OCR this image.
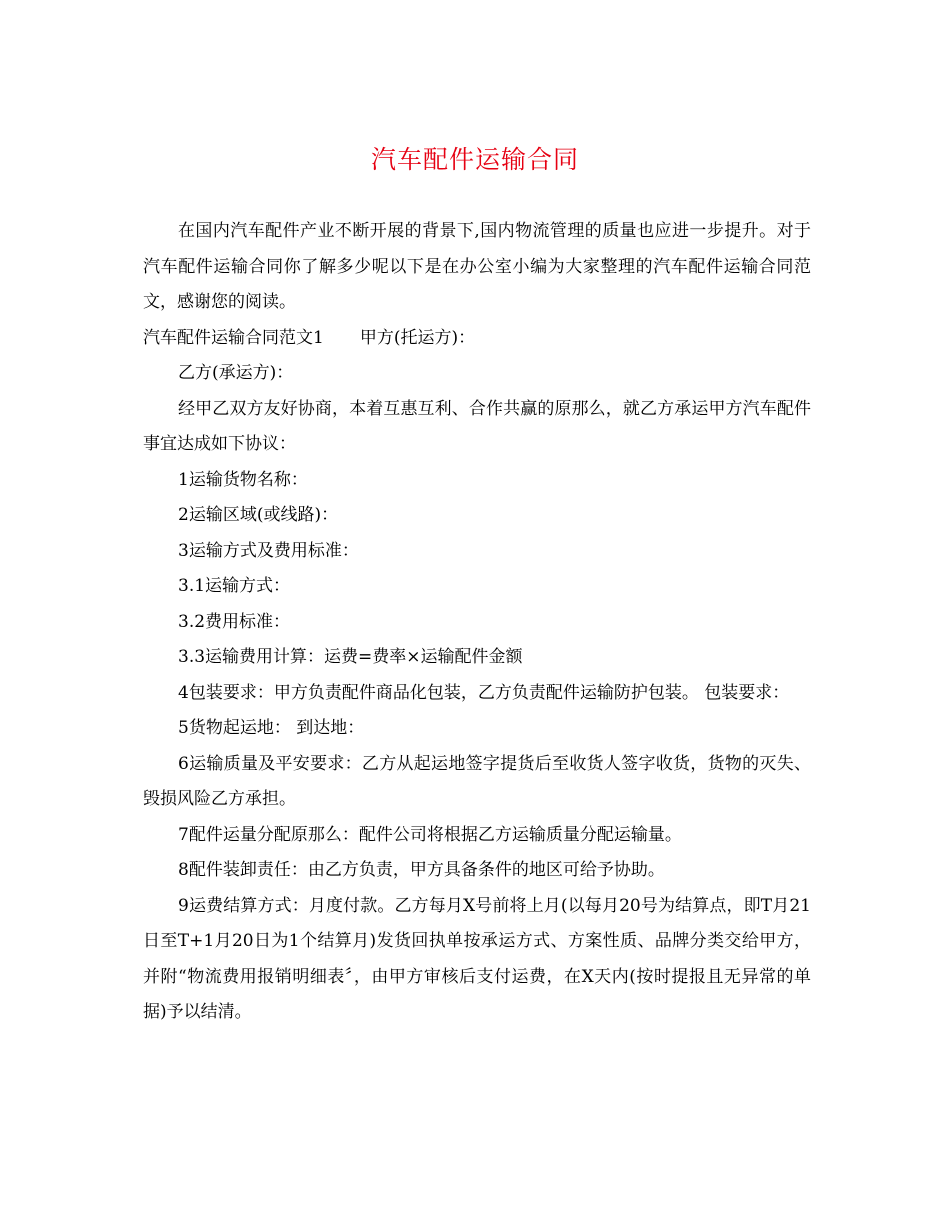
汽车配件运输合同

在国内汽车配件产业不断开展的背景下,国内物流管理的质量也应进一步提升。对于汽车配件运输合同你了解多少呢以下是在办公室小编为大家整理的汽车配件运输合同范文，感谢您的阅读。

汽车配件运输合同范文1 甲方(托运方)：

乙方(承运方)：

经甲乙双方友好协商，本着互惠互利、合作共赢的原那么，就乙方承运甲方汽车配件事宜达成如下协议：

1运输货物名称：

2运输区域(或线路)：

3运输方式及费用标准：

3.1运输方式：

3.2费用标准：

3.3运输费用计算：运费=费率×运输配件金额

4包装要求：甲方负责配件商品化包装，乙方负责配件运输防护包装。 包装要求：

5货物起运地： 到达地：

6运输质量及平安要求：乙方从起运地签字提货后至收货人签字收货，货物的灭失、毁损风险乙方承担。

7配件运量分配原那么：配件公司将根据乙方运输质量分配运输量。

8配件装卸责任：由乙方负责，甲方具备条件的地区可给予协助。

9运费结算方式：月度付款。乙方每月X号前将上月(以每月20号为结算点，即T月21日至T+1月20日为1个结算月)发货回执单按承运方式、方案性质、品牌分类交给甲方，并附“物流费用报销明细表〞，由甲方审核后支付运费，在X天内(按时提报且无异常的单据)予以结清。
